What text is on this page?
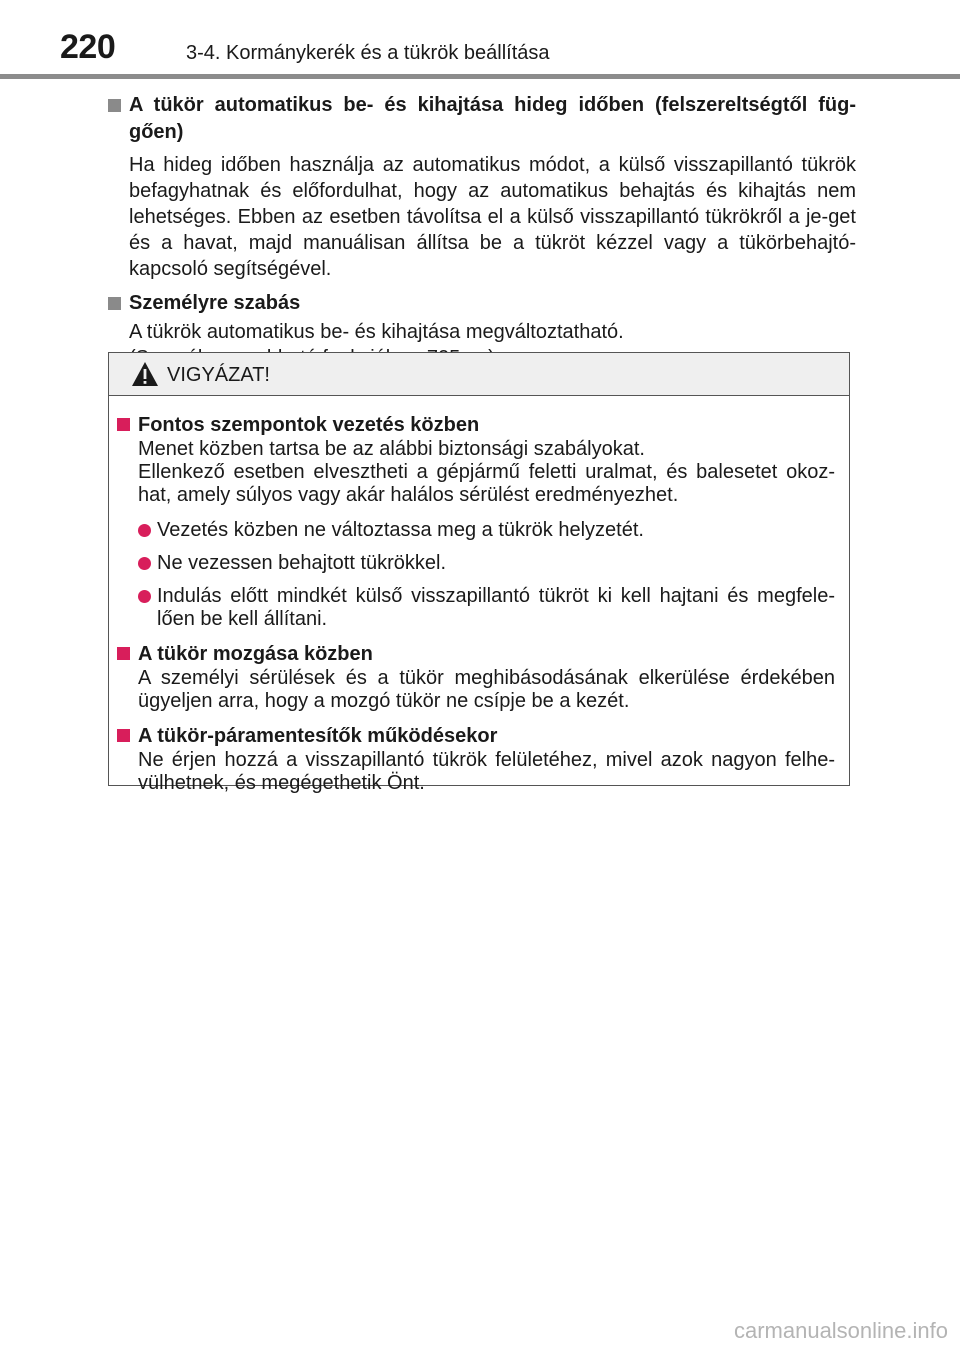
220	3-4. Kormánykerék és a tükrök beállítása
A tükör automatikus be- és kihajtása hideg időben (felszereltségtől füg-gően)

Ha hideg időben használja az automatikus módot, a külső visszapillantó tükrök befagyhatnak és előfordulhat, hogy az automatikus behajtás és kihajtás nem lehetséges. Ebben az esetben távolítsa el a külső visszapillantó tükrökről a je-get és a havat, majd manuálisan állítsa be a tükröt kézzel vagy a tükörbehajtó-kapcsoló segítségével.

Személyre szabás

A tükrök automatikus be- és kihajtása megváltoztatható.

VIGYÁZAT!
Fontos szempontok vezetés közben

Menet közben tartsa be az alábbi biztonsági szabályokat.

Ellenkező esetben elvesztheti a gépjármű feletti uralmat, és balesetet okoz-hat, amely súlyos vagy akár halálos sérülést eredményezhet.

Vezetés közben ne változtassa meg a tükrök helyzetét.
Ne vezessen behajtott tükrökkel.
Indulás előtt mindkét külső visszapillantó tükröt ki kell hajtani és megfele-lően be kell állítani.
A tükör mozgása közben

A személyi sérülések és a tükör meghibásodásának elkerülése érdekében ügyeljen arra, hogy a mozgó tükör ne csípje be a kezét.

A tükör-páramentesítők működésekor

Ne érjen hozzá a visszapillantó tükrök felületéhez, mivel azok nagyon felhe-vülhetnek, és megégethetik Önt.

carmanualsonline.info
